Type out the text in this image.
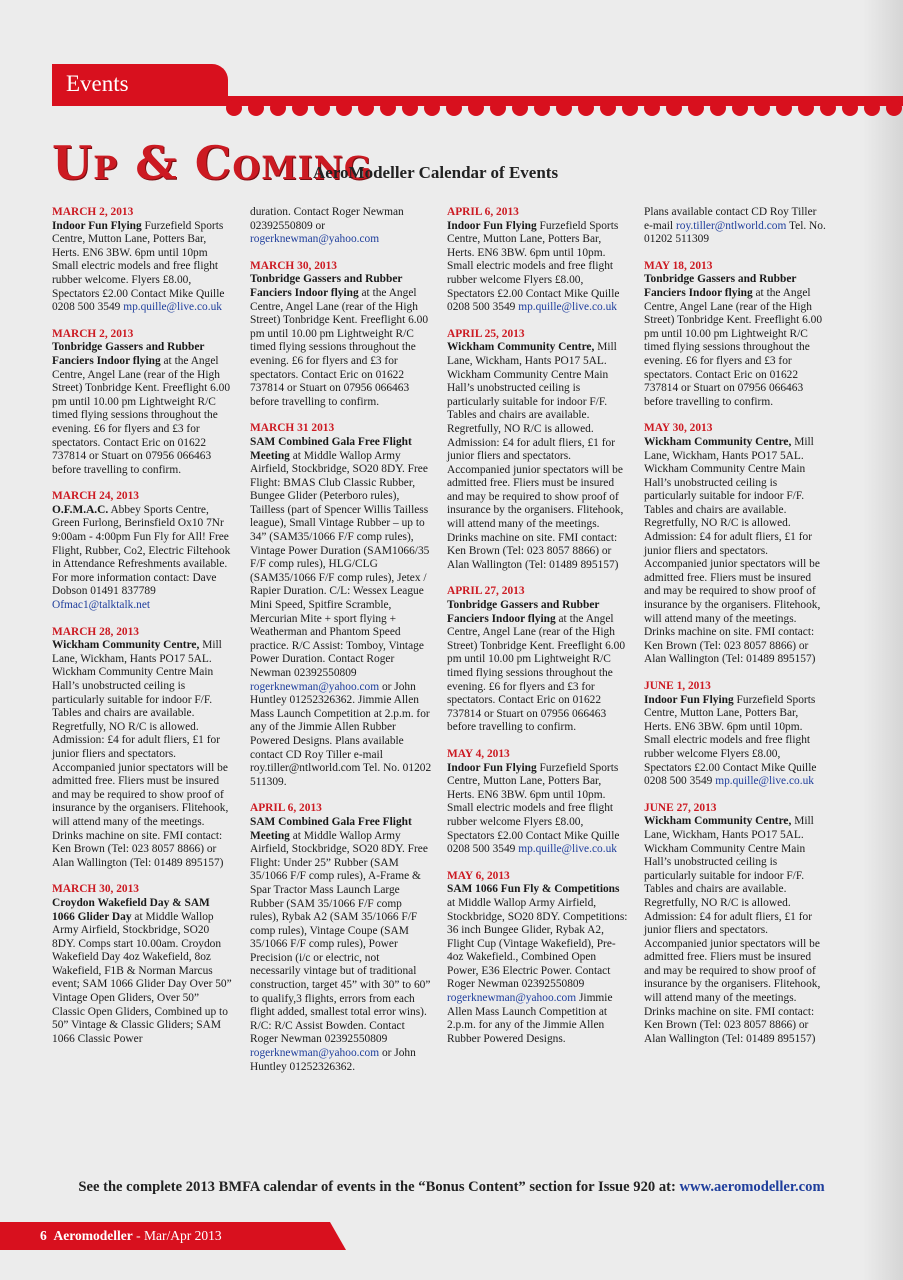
Events
Up & Coming
AeroModeller Calendar of Events

MARCH 2, 2013

Indoor Fun Flying Furzefield Sports Centre, Mutton Lane, Potters Bar, Herts. EN6 3BW. 6pm until 10pm Small electric models and free flight rubber welcome. Flyers £8.00, Spectators £2.00 Contact Mike Quille 0208 500 3549 mp.quille@live.co.uk

MARCH 2, 2013

Tonbridge Gassers and Rubber Fanciers Indoor flying at the Angel Centre, Angel Lane (rear of the High Street) Tonbridge Kent. Freeflight 6.00 pm until 10.00 pm Lightweight R/C timed flying sessions throughout the evening. £6 for flyers and £3 for spectators. Contact Eric on 01622 737814 or Stuart on 07956 066463 before travelling to confirm.

MARCH 24, 2013

O.F.M.A.C. Abbey Sports Centre, Green Furlong, Berinsfield Ox10 7Nr 9:00am - 4:00pm Fun Fly for All! Free Flight, Rubber, Co2, Electric Filtehook in Attendance Refreshments available. For more information contact: Dave Dobson 01491 837789 Ofmac1@talktalk.net

MARCH 28, 2013

Wickham Community Centre, Mill Lane, Wickham, Hants PO17 5AL. Wickham Community Centre Main Hall’s unobstructed ceiling is particularly suitable for indoor F/F. Tables and chairs are available. Regretfully, NO R/C is allowed. Admission: £4 for adult fliers, £1 for junior fliers and spectators. Accompanied junior spectators will be admitted free. Fliers must be insured and may be required to show proof of insurance by the organisers. Flitehook, will attend many of the meetings. Drinks machine on site. FMI contact: Ken Brown (Tel: 023 8057 8866) or Alan Wallington (Tel: 01489 895157)

MARCH 30, 2013

Croydon Wakefield Day & SAM 1066 Glider Day at Middle Wallop Army Airfield, Stockbridge, SO20 8DY. Comps start 10.00am. Croydon Wakefield Day 4oz Wakefield, 8oz Wakefield, F1B & Norman Marcus event; SAM 1066 Glider Day Over 50” Vintage Open Gliders, Over 50” Classic Open Gliders, Combined up to 50” Vintage & Classic Gliders; SAM 1066 Classic Power

duration. Contact Roger Newman 02392550809 or rogerknewman@yahoo.com

MARCH 30, 2013

Tonbridge Gassers and Rubber Fanciers Indoor flying at the Angel Centre, Angel Lane (rear of the High Street) Tonbridge Kent. Freeflight 6.00 pm until 10.00 pm Lightweight R/C timed flying sessions throughout the evening. £6 for flyers and £3 for spectators. Contact Eric on 01622 737814 or Stuart on 07956 066463 before travelling to confirm.

MARCH 31 2013

SAM Combined Gala Free Flight Meeting at Middle Wallop Army Airfield, Stockbridge, SO20 8DY. Free Flight: BMAS Club Classic Rubber, Bungee Glider (Peterboro rules), Tailless (part of Spencer Willis Tailless league), Small Vintage Rubber – up to 34” (SAM35/1066 F/F comp rules), Vintage Power Duration (SAM1066/35 F/F comp rules), HLG/CLG (SAM35/1066 F/F comp rules), Jetex / Rapier Duration. C/L: Wessex League Mini Speed, Spitfire Scramble, Mercurian Mite + sport flying + Weatherman and Phantom Speed practice. R/C Assist: Tomboy, Vintage Power Duration. Contact Roger Newman 02392550809 rogerknewman@yahoo.com or John Huntley 01252326362. Jimmie Allen Mass Launch Competition at 2.p.m. for any of the Jimmie Allen Rubber Powered Designs. Plans available contact CD Roy Tiller e-mail roy.tiller@ntlworld.com Tel. No. 01202 511309.

APRIL 6, 2013

SAM Combined Gala Free Flight Meeting at Middle Wallop Army Airfield, Stockbridge, SO20 8DY. Free Flight: Under 25” Rubber (SAM 35/1066 F/F comp rules), A-Frame & Spar Tractor Mass Launch Large Rubber (SAM 35/1066 F/F comp rules), Rybak A2 (SAM 35/1066 F/F comp rules), Vintage Coupe (SAM 35/1066 F/F comp rules), Power Precision (i/c or electric, not necessarily vintage but of traditional construction, target 45” with 30” to 60” to qualify,3 flights, errors from each flight added, smallest total error wins). R/C: R/C Assist Bowden. Contact Roger Newman 02392550809 rogerknewman@yahoo.com or John Huntley 01252326362.

APRIL 6, 2013

Indoor Fun Flying Furzefield Sports Centre, Mutton Lane, Potters Bar, Herts. EN6 3BW. 6pm until 10pm. Small electric models and free flight rubber welcome Flyers £8.00, Spectators £2.00 Contact Mike Quille 0208 500 3549 mp.quille@live.co.uk

APRIL 25, 2013

Wickham Community Centre, Mill Lane, Wickham, Hants PO17 5AL. Wickham Community Centre Main Hall’s unobstructed ceiling is particularly suitable for indoor F/F. Tables and chairs are available. Regretfully, NO R/C is allowed. Admission: £4 for adult fliers, £1 for junior fliers and spectators. Accompanied junior spectators will be admitted free. Fliers must be insured and may be required to show proof of insurance by the organisers. Flitehook, will attend many of the meetings. Drinks machine on site. FMI contact: Ken Brown (Tel: 023 8057 8866) or Alan Wallington (Tel: 01489 895157)

APRIL 27, 2013

Tonbridge Gassers and Rubber Fanciers Indoor flying at the Angel Centre, Angel Lane (rear of the High Street) Tonbridge Kent. Freeflight 6.00 pm until 10.00 pm Lightweight R/C timed flying sessions throughout the evening. £6 for flyers and £3 for spectators. Contact Eric on 01622 737814 or Stuart on 07956 066463 before travelling to confirm.

MAY 4, 2013

Indoor Fun Flying Furzefield Sports Centre, Mutton Lane, Potters Bar, Herts. EN6 3BW. 6pm until 10pm. Small electric models and free flight rubber welcome Flyers £8.00, Spectators £2.00 Contact Mike Quille 0208 500 3549 mp.quille@live.co.uk

MAY 6, 2013

SAM 1066 Fun Fly & Competitions at Middle Wallop Army Airfield, Stockbridge, SO20 8DY. Competitions: 36 inch Bungee Glider, Rybak A2, Flight Cup (Vintage Wakefield), Pre-4oz Wakefield., Combined Open Power, E36 Electric Power. Contact Roger Newman 02392550809 rogerknewman@yahoo.com Jimmie Allen Mass Launch Competition at 2.p.m. for any of the Jimmie Allen Rubber Powered Designs.

Plans available contact CD Roy Tiller e-mail roy.tiller@ntlworld.com Tel. No. 01202 511309

MAY 18, 2013

Tonbridge Gassers and Rubber Fanciers Indoor flying at the Angel Centre, Angel Lane (rear of the High Street) Tonbridge Kent. Freeflight 6.00 pm until 10.00 pm Lightweight R/C timed flying sessions throughout the evening. £6 for flyers and £3 for spectators. Contact Eric on 01622 737814 or Stuart on 07956 066463 before travelling to confirm.

MAY 30, 2013

Wickham Community Centre, Mill Lane, Wickham, Hants PO17 5AL. Wickham Community Centre Main Hall’s unobstructed ceiling is particularly suitable for indoor F/F. Tables and chairs are available. Regretfully, NO R/C is allowed. Admission: £4 for adult fliers, £1 for junior fliers and spectators. Accompanied junior spectators will be admitted free. Fliers must be insured and may be required to show proof of insurance by the organisers. Flitehook, will attend many of the meetings. Drinks machine on site. FMI contact: Ken Brown (Tel: 023 8057 8866) or Alan Wallington (Tel: 01489 895157)

JUNE 1, 2013

Indoor Fun Flying Furzefield Sports Centre, Mutton Lane, Potters Bar, Herts. EN6 3BW. 6pm until 10pm. Small electric models and free flight rubber welcome Flyers £8.00, Spectators £2.00 Contact Mike Quille 0208 500 3549 mp.quille@live.co.uk

JUNE 27, 2013

Wickham Community Centre, Mill Lane, Wickham, Hants PO17 5AL. Wickham Community Centre Main Hall’s unobstructed ceiling is particularly suitable for indoor F/F. Tables and chairs are available. Regretfully, NO R/C is allowed. Admission: £4 for adult fliers, £1 for junior fliers and spectators. Accompanied junior spectators will be admitted free. Fliers must be insured and may be required to show proof of insurance by the organisers. Flitehook, will attend many of the meetings. Drinks machine on site. FMI contact: Ken Brown (Tel: 023 8057 8866) or Alan Wallington (Tel: 01489 895157)

See the complete 2013 BMFA calendar of events in the “Bonus Content” section for Issue 920 at: www.aeromodeller.com
6 Aeromodeller - Mar/Apr 2013
